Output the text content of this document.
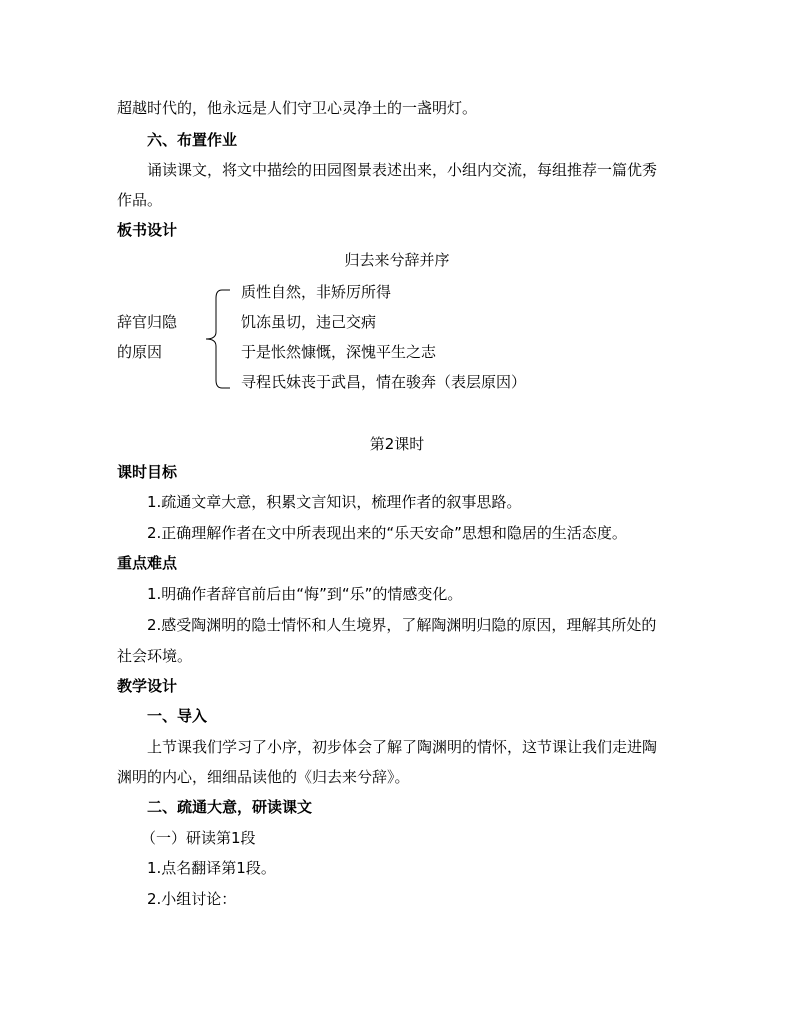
超越时代的，他永远是人们守卫心灵净土的一盏明灯。
六、布置作业
诵读课文，将文中描绘的田园图景表述出来，小组内交流，每组推荐一篇优秀
作品。
板书设计
归去来兮辞并序
辞官归隐
的原因
质性自然，非矫厉所得
饥冻虽切，违己交病
于是怅然慷慨，深愧平生之志
寻程氏妹丧于武昌，情在骏奔（表层原因）
第2课时
课时目标
1.疏通文章大意，积累文言知识，梳理作者的叙事思路。
2.正确理解作者在文中所表现出来的“乐天安命”思想和隐居的生活态度。
重点难点
1.明确作者辞官前后由“悔”到“乐”的情感变化。
2.感受陶渊明的隐士情怀和人生境界，了解陶渊明归隐的原因，理解其所处的
社会环境。
教学设计
一、导入
上节课我们学习了小序，初步体会了解了陶渊明的情怀，这节课让我们走进陶
渊明的内心，细细品读他的《归去来兮辞》。
二、疏通大意，研读课文
（一）研读第1段
1.点名翻译第1段。
2.小组讨论：
